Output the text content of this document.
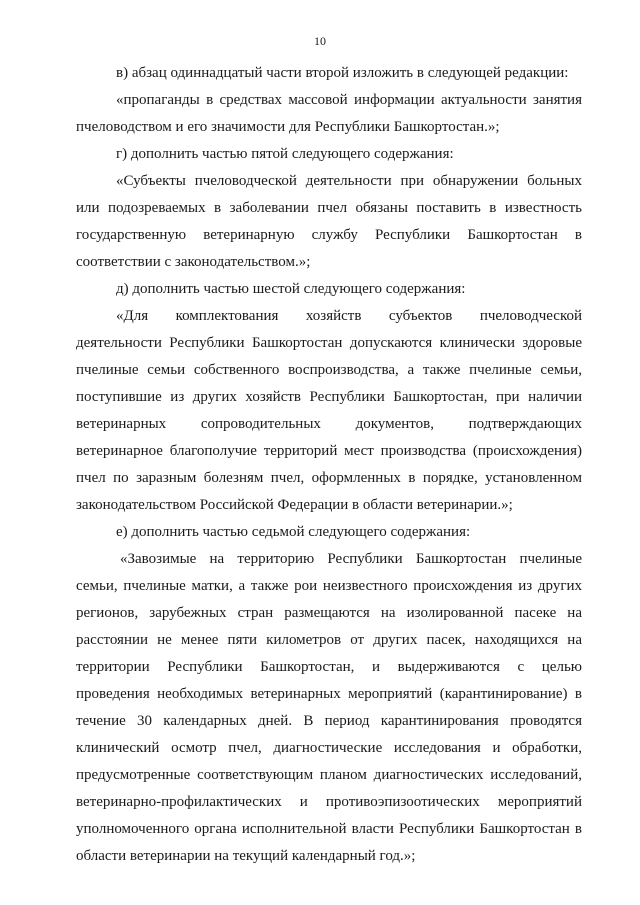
10
в) абзац одиннадцатый части второй изложить в следующей редакции:
«пропаганды в средствах массовой информации актуальности занятия
пчеловодством и его значимости для Республики Башкортостан.»;
г) дополнить частью пятой следующего содержания:
«Субъекты пчеловодческой деятельности при обнаружении больных
или подозреваемых в заболевании пчел обязаны поставить в известность
государственную ветеринарную службу Республики Башкортостан в
соответствии с законодательством.»;
д) дополнить частью шестой следующего содержания:
«Для комплектования хозяйств субъектов пчеловодческой
деятельности Республики Башкортостан допускаются клинически здоровые
пчелиные семьи собственного воспроизводства, а также пчелиные семьи,
поступившие из других хозяйств Республики Башкортостан, при наличии
ветеринарных сопроводительных документов, подтверждающих
ветеринарное благополучие территорий мест производства (происхождения)
пчел по заразным болезням пчел, оформленных в порядке, установленном
законодательством Российской Федерации в области ветеринарии.»;
е) дополнить частью седьмой следующего содержания:
«Завозимые на территорию Республики Башкортостан пчелиные
семьи, пчелиные матки, а также рои неизвестного происхождения из других
регионов, зарубежных стран размещаются на изолированной пасеке на
расстоянии не менее пяти километров от других пасек, находящихся на
территории Республики Башкортостан, и выдерживаются с целью
проведения необходимых ветеринарных мероприятий (карантинирование) в
течение 30 календарных дней. В период карантинирования проводятся
клинический осмотр пчел, диагностические исследования и обработки,
предусмотренные соответствующим планом диагностических исследований,
ветеринарно-профилактических и противоэпизоотических мероприятий
уполномоченного органа исполнительной власти Республики Башкортостан в
области ветеринарии на текущий календарный год.»;
